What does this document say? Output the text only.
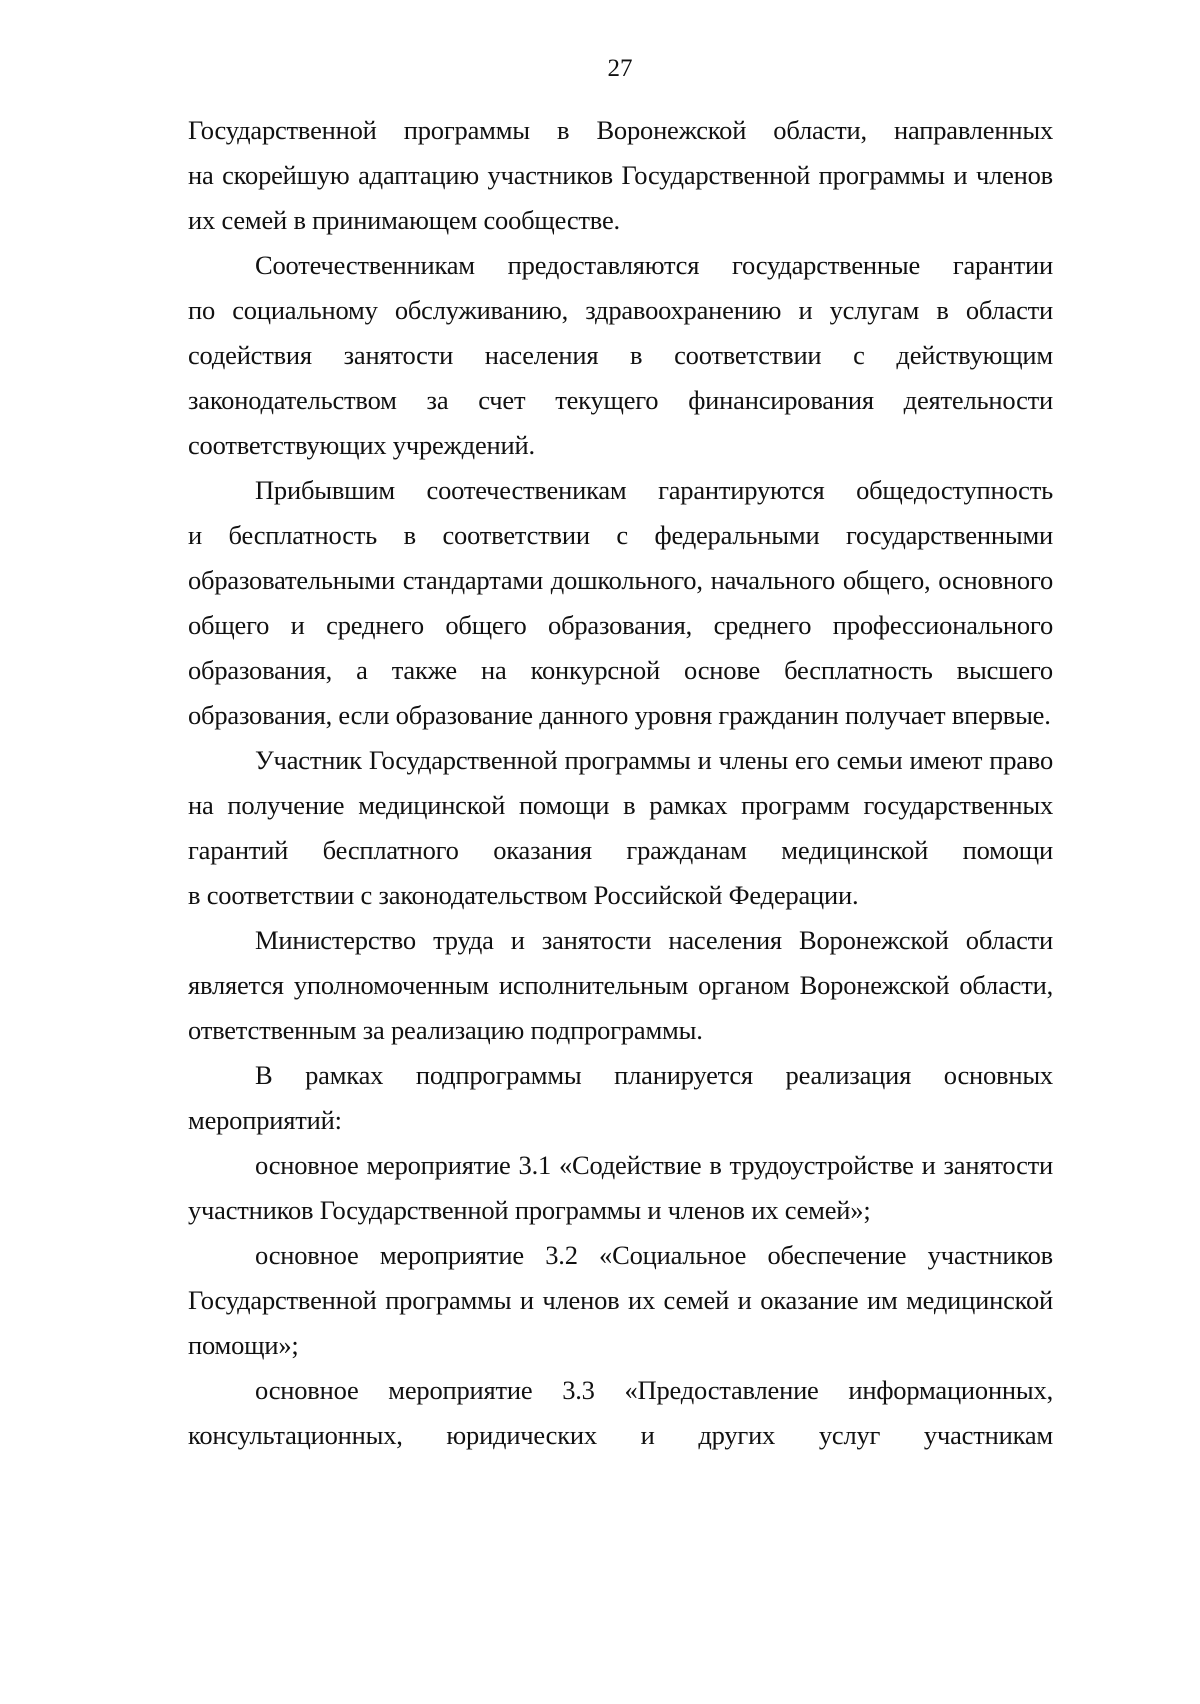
27
Государственной программы в Воронежской области, направленных
на скорейшую адаптацию участников Государственной программы и членов
их семей в принимающем сообществе.
Соотечественникам предоставляются государственные гарантии
по социальному обслуживанию, здравоохранению и услугам в области
содействия занятости населения в соответствии с действующим
законодательством за счет текущего финансирования деятельности
соответствующих учреждений.
Прибывшим соотечественикам гарантируются общедоступность
и бесплатность в соответствии с федеральными государственными
образовательными стандартами дошкольного, начального общего, основного
общего и среднего общего образования, среднего профессионального
образования, а также на конкурсной основе бесплатность высшего
образования, если образование данного уровня гражданин получает впервые.
Участник Государственной программы и члены его семьи имеют право
на получение медицинской помощи в рамках программ государственных
гарантий бесплатного оказания гражданам медицинской помощи
в соответствии с законодательством Российской Федерации.
Министерство труда и занятости населения Воронежской области
является уполномоченным исполнительным органом Воронежской области,
ответственным за реализацию подпрограммы.
В рамках подпрограммы планируется реализация основных
мероприятий:
основное мероприятие 3.1 «Содействие в трудоустройстве и занятости
участников Государственной программы и членов их семей»;
основное мероприятие 3.2 «Социальное обеспечение участников
Государственной программы и членов их семей и оказание им медицинской
помощи»;
основное мероприятие 3.3 «Предоставление информационных,
консультационных, юридических и других услуг участникам
